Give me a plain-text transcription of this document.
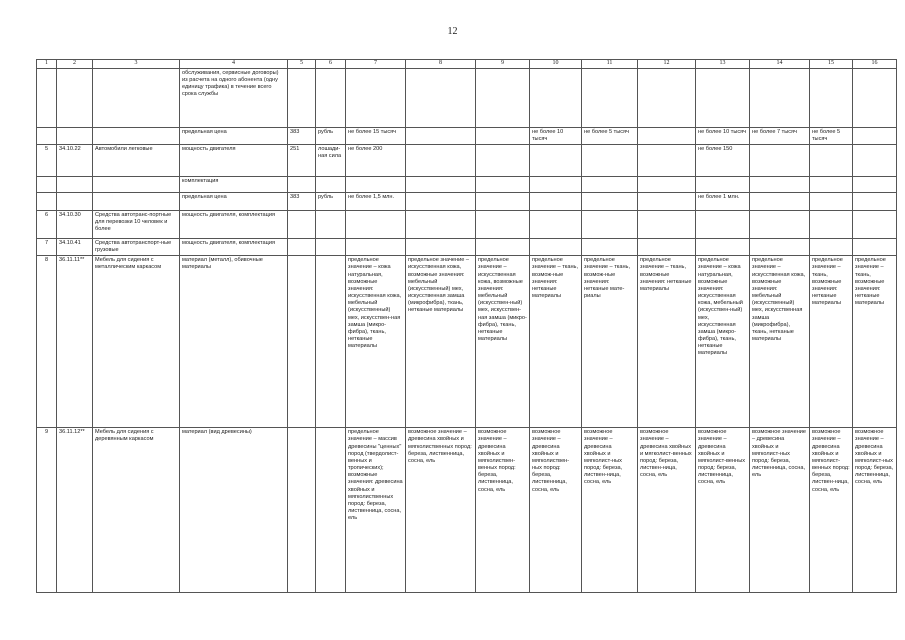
12
1	2	3	4	5	6	7	8	9	10	11	12	13	14	15	16
			обслуживания, сервисные договоры) из расчета на одного абонента (одну единицу трафика) в течение всего срока службы												
			предельная цена	383	рубль	не более 15 тысяч			не более 10 тысяч	не более 5 тысяч		не более 10 тысяч	не более 7 тысяч	не более 5 тысяч	
5	34.10.22	Автомобили легковые	мощность двигателя	251	лошади-ная сила	не более 200						не более 150			
			комплектация												
			предельная цена	383	рубль	не более 1,5 млн.						не более 1 млн.			
6	34.10.30	Средства автотранс-портные для перевозки 10 человек и более	мощность двигателя, комплектация												
7	34.10.41	Средства автотранспорт-ные грузовые	мощность двигателя, комплектация												
8	36.11.11**	Мебель для сидения с металлическим каркасом	материал (металл), обивочные материалы			предельное значение – кожа натуральная, возможные значения: искусственная кожа, мебельный (искусственный) мех, искусствен-ная замша (микро-фибра), ткань, нетканые материалы	предельное значение – искусственная кожа, возможные значения: мебельный (искусственный) мех, искусственная замша (микрофибра), ткань, нетканые материалы	предельное значение – искусственная кожа, возможные значения: мебельный (искусствен-ный) мех, искусствен-ная замша (микро-фибра), ткань, нетканые материалы	предельное значение – ткань, возмож-ные значения: нетканые материалы	предельное значение – ткань, возмож-ные значения: нетканые мате-риалы	предельное значение – ткань, возможные значения: нетканые материалы	предельное значение – кожа натуральная, возможные значения: искусственная кожа, мебельный (искусствен-ный) мех, искусственная замша (микро-фибра), ткань, нетканые материалы	предельное значение – искусственная кожа, возможные значения: мебельный (искусственный) мех, искусственная замша (микрофибра), ткань, нетканые материалы	предельное значение – ткань, возможные значения: нетканые материалы	предельное значение – ткань, возможные значения: нетканые материалы
9	36.11.12**	Мебель для сидения с деревянным каркасом	материал (вид древесины)			предельное значение – массив древесины "ценных" пород (твердолист-венных и тропических); возможные значения: древесина хвойных и мягколиственных пород: береза, лиственница, сосна, ель	возможное значение – древесина хвойных и мягколиственных пород: береза, лиственница, сосна, ель	возможное значение – древесина хвойных и мягколиствен-венных пород: береза, лиственница, сосна, ель	возможное значение – древесина хвойных и мягколиствен-ных пород: береза, лиственница, сосна, ель	возможное значение – древесина хвойных и мягколист-ных пород: береза, листвен-ница, сосна, ель	возможное значение – древесина хвойных и мягколист-венных пород: береза, листвен-ница, сосна, ель	возможное значение – древесина хвойных и мягколист-венных пород: береза, лиственница, сосна, ель	возможное значение – древесина хвойных и мягколист-ных пород: береза, лиственница, сосна, ель	возможное значение – древесина хвойных и мягколист-венных пород: береза, листвен-ница, сосна, ель	возможное значение – древесина хвойных и мягколист-ных пород: береза, лиственница, сосна, ель
